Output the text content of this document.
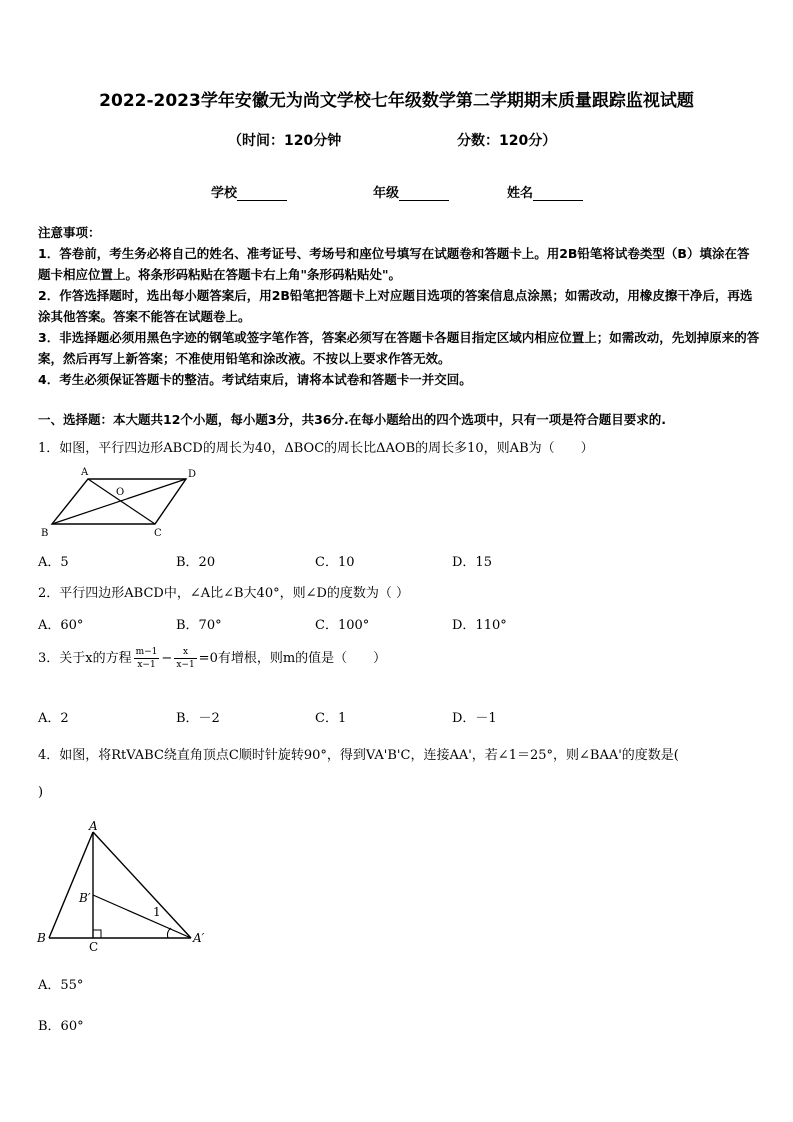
2022-2023学年安徽无为尚文学校七年级数学第二学期期末质量跟踪监视试题
（时间：120分钟	分数：120分）
学校	年级	姓名
注意事项：
1．答卷前，考生务必将自己的姓名、准考证号、考场号和座位号填写在试题卷和答题卡上。用2B铅笔将试卷类型（B）填涂在答题卡相应位置上。将条形码粘贴在答题卡右上角"条形码粘贴处"。
2．作答选择题时，选出每小题答案后，用2B铅笔把答题卡上对应题目选项的答案信息点涂黑；如需改动，用橡皮擦干净后，再选涂其他答案。答案不能答在试题卷上。
3．非选择题必须用黑色字迹的钢笔或签字笔作答，答案必须写在答题卡各题目指定区域内相应位置上；如需改动，先划掉原来的答案，然后再写上新答案；不准使用铅笔和涂改液。不按以上要求作答无效。
4．考生必须保证答题卡的整洁。考试结束后，请将本试卷和答题卡一并交回。
一、选择题：本大题共12个小题，每小题3分，共36分.在每小题给出的四个选项中，只有一项是符合题目要求的.
1．如图，平行四边形ABCD的周长为40，ΔBOC的周长比ΔAOB的周长多10，则AB为（　　）
A	D
O
B	C
A．5	B．20	C．10	D．15
2．平行四边形ABCD中，∠A比∠B大40°，则∠D的度数为（ ）
A．60°	B．70°	C．100°	D．110°
3．关于x的方程 $\frac{m-1}{x-1} - \frac{x}{x-1} =0$有增根，则m的值是（　　）
A．2	B．－2	C．1	D．－1
4．如图，将RtVABC绕直角顶点C顺时针旋转90°，得到VA'B'C，连接AA'，若∠1＝25°，则∠BAA'的度数是(
)
A
B′
1
B
C
A′
A．55°
B．60°
